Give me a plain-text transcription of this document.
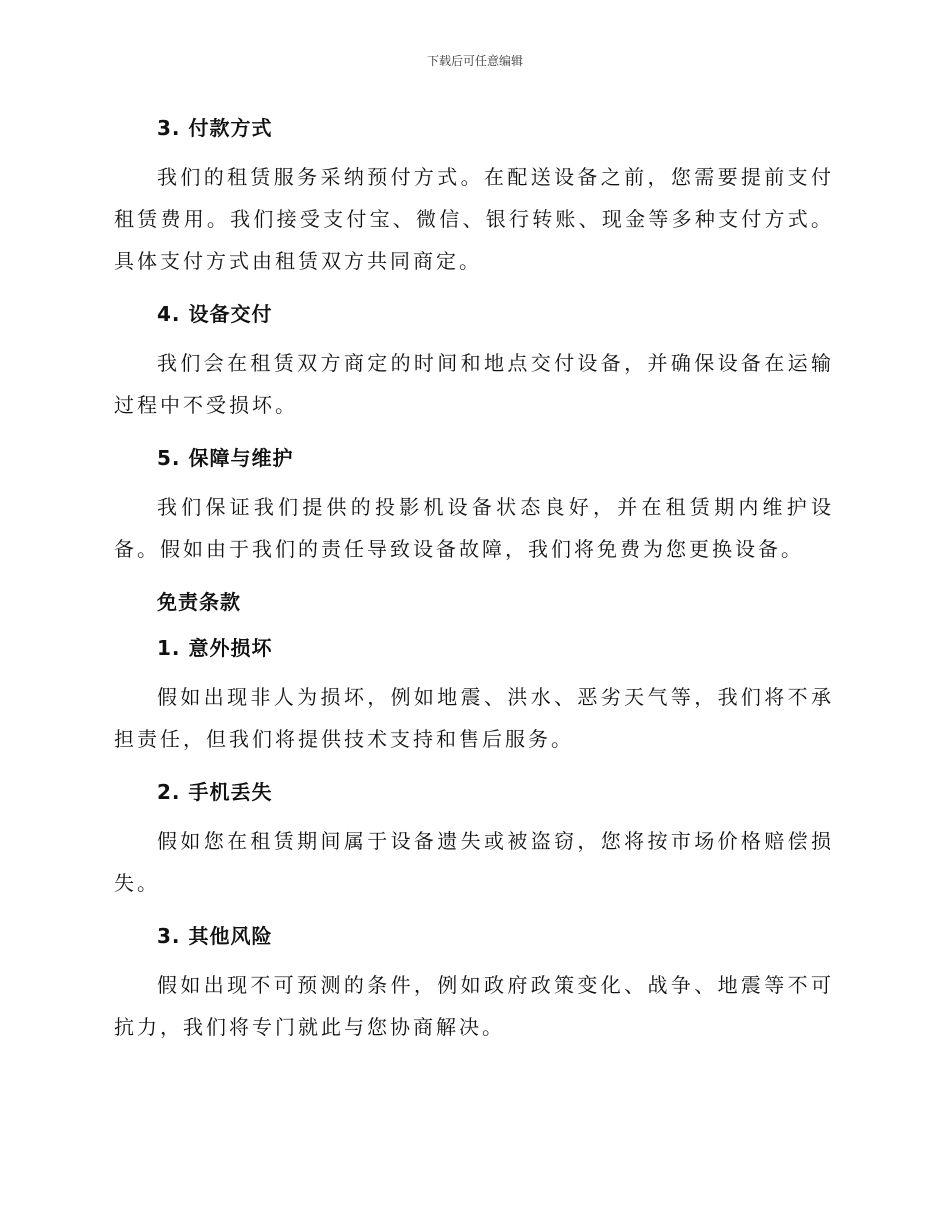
下载后可任意编辑
3. 付款方式

我们的租赁服务采纳预付方式。在配送设备之前，您需要提前支付租赁费用。我们接受支付宝、微信、银行转账、现金等多种支付方式。具体支付方式由租赁双方共同商定。

4. 设备交付

我们会在租赁双方商定的时间和地点交付设备，并确保设备在运输过程中不受损坏。

5. 保障与维护

我们保证我们提供的投影机设备状态良好，并在租赁期内维护设备。假如由于我们的责任导致设备故障，我们将免费为您更换设备。

免责条款
1. 意外损坏

假如出现非人为损坏，例如地震、洪水、恶劣天气等，我们将不承担责任，但我们将提供技术支持和售后服务。

2. 手机丢失

假如您在租赁期间属于设备遗失或被盗窃，您将按市场价格赔偿损失。

3. 其他风险

假如出现不可预测的条件，例如政府政策变化、战争、地震等不可抗力，我们将专门就此与您协商解决。
